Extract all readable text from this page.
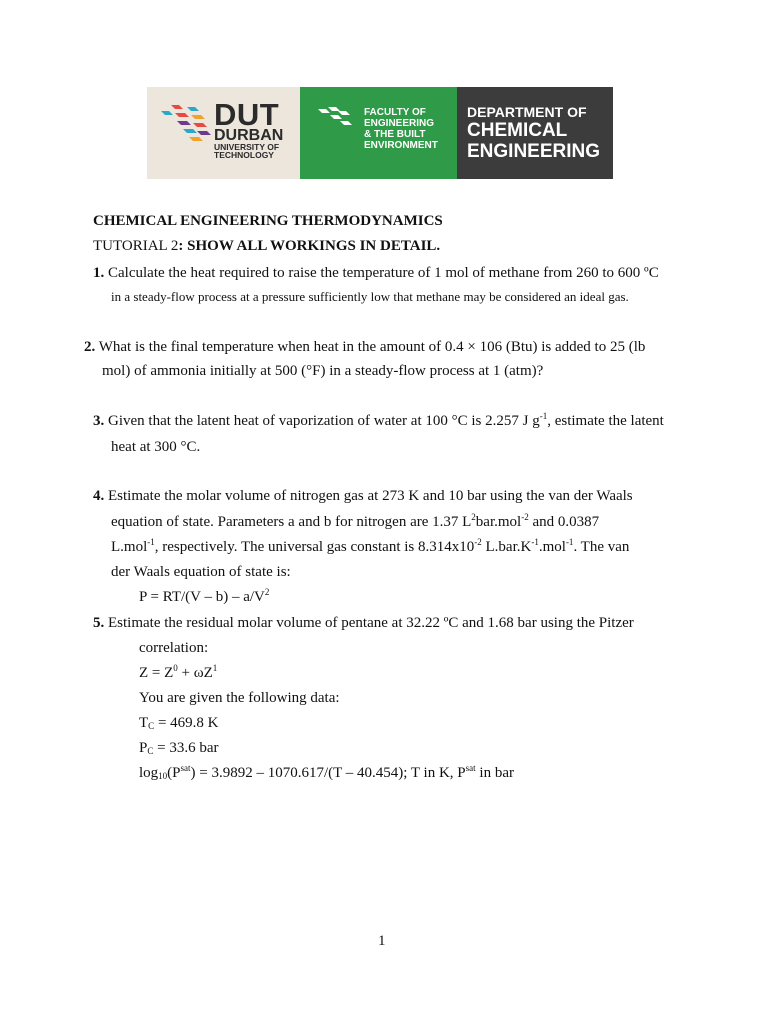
DUT
DURBAN
UNIVERSITY OF
TECHNOLOGY
FACULTY OF
ENGINEERING
& THE BUILT
ENVIRONMENT
DEPARTMENT OF
CHEMICAL
ENGINEERING
CHEMICAL ENGINEERING THERMODYNAMICS
TUTORIAL 2: SHOW ALL WORKINGS IN DETAIL.
1. Calculate the heat required to raise the temperature of 1 mol of methane from 260 to 600 ºC
in a steady-flow process at a pressure sufficiently low that methane may be considered an ideal gas.
2. What is the final temperature when heat in the amount of 0.4 × 106 (Btu) is added to 25 (lb
mol) of ammonia initially at 500 (°F) in a steady-flow process at 1 (atm)?
3. Given that the latent heat of vaporization of water at 100 °C is 2.257 J $g^{-1}$, estimate the latent
heat at 300 °C.
4. Estimate the molar volume of nitrogen gas at 273 K and 10 bar using the van der Waals
equation of state. Parameters a and b for nitrogen are 1.37 $L^2bar.mol^{-2}$ and 0.0387
L.mol$^{-1}$, respectively. The universal gas constant is $8.314x10^{-2}$ $L.bar.K^{-1}.mol^{-1}$. The van
der Waals equation of state is:
$P = RT/(V - b) - a/V^2$
5. Estimate the residual molar volume of pentane at 32.22 ºC and 1.68 bar using the Pitzer
correlation:
$Z = Z^0 + \omega Z^1$
You are given the following data:
$T_C = 469.8$ K
$P_C = 33.6$ bar
$\log_{10}(P^{sat}) = 3.9892 - 1070.617/(T - 40.454)$; T in K, $P^{sat}$ in bar
1
